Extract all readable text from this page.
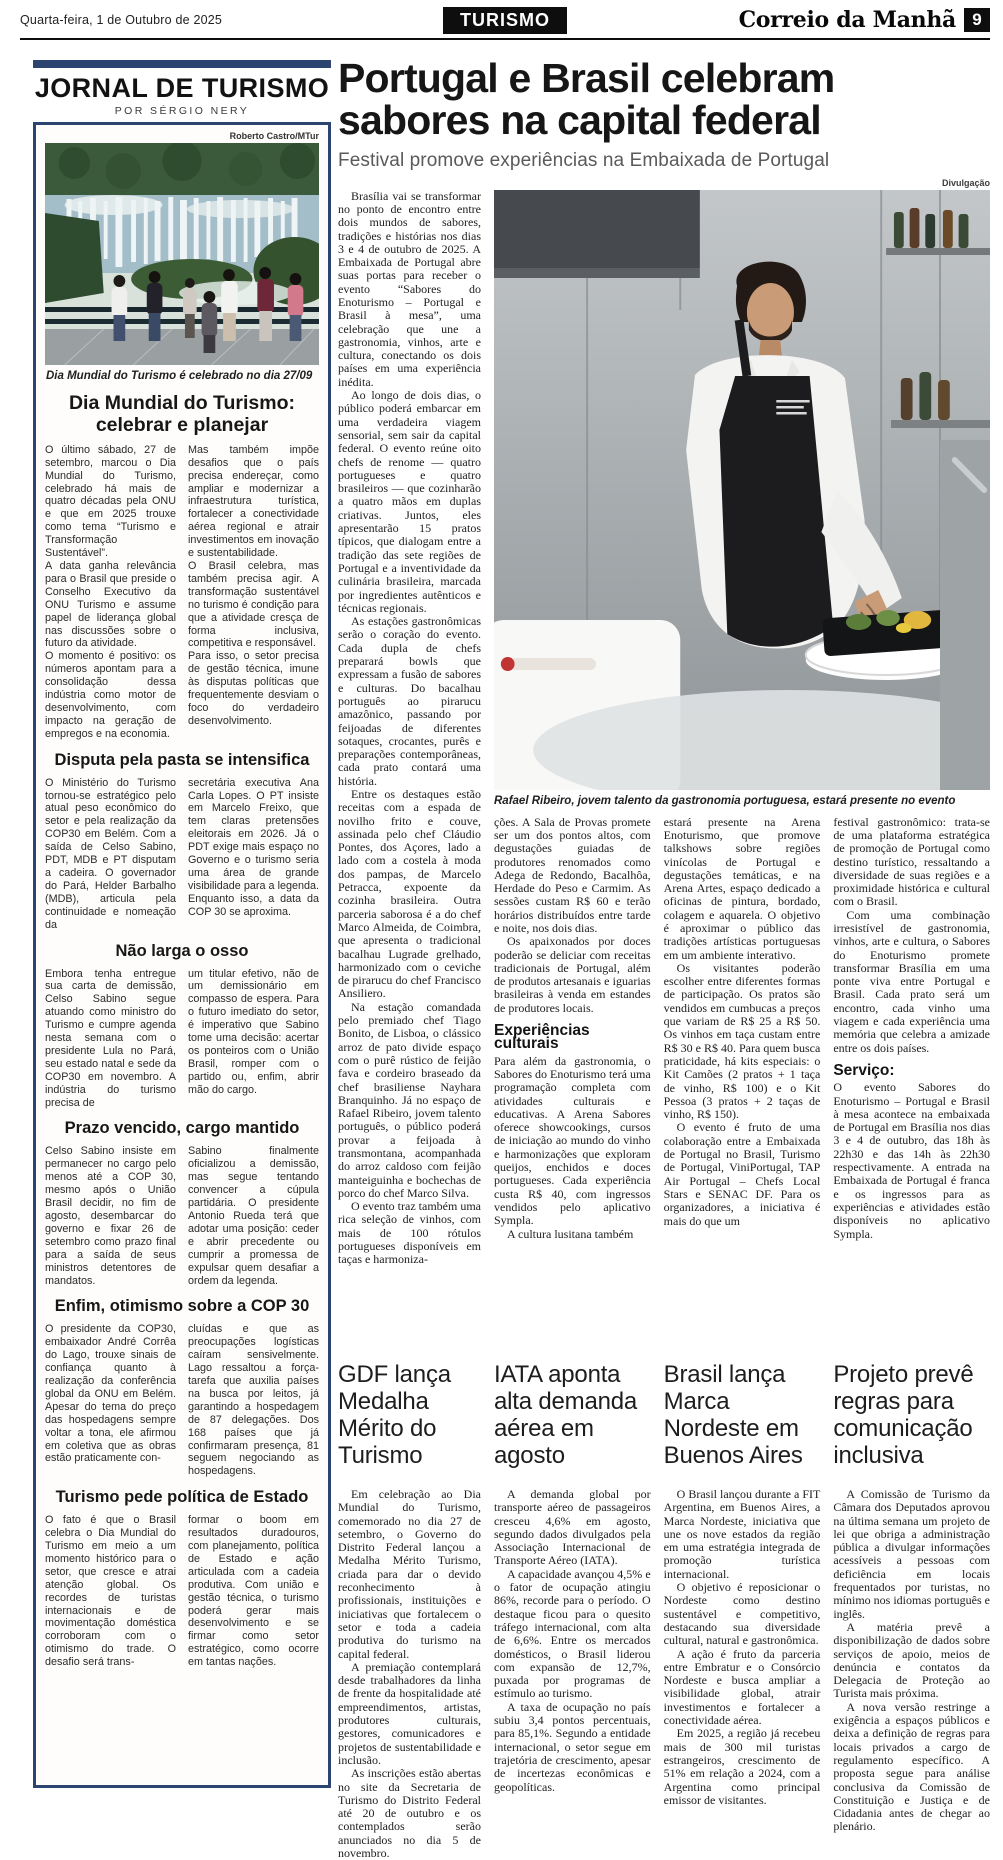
Quarta-feira, 1 de Outubro de 2025	TURISMO	Correio da Manhã 9
JORNAL DE TURISMO
POR SÉRGIO NERY
Roberto Castro/MTur
Dia Mundial do Turismo é celebrado no dia 27/09
Dia Mundial do Turismo: celebrar e planejar

O último sábado, 27 de setembro, marcou o Dia Mundial do Turismo, celebrado há mais de quatro décadas pela ONU e que em 2025 trouxe como tema “Turismo e Transformação Sustentável”.

A data ganha relevância para o Brasil que preside o Conselho Executivo da ONU Turismo e assume papel de liderança global nas discussões sobre o futuro da atividade.

O momento é positivo: os números apontam para a consolidação dessa indústria como motor de desenvolvimento, com impacto na geração de empregos e na economia.

Mas também impõe desafios que o país precisa endereçar, como ampliar e modernizar a infraestrutura turística, fortalecer a conectividade aérea regional e atrair investimentos em inovação e sustentabilidade.

O Brasil celebra, mas também precisa agir. A transformação sustentável no turismo é condição para que a atividade cresça de forma inclusiva, competitiva e responsável.

Para isso, o setor precisa de gestão técnica, imune às disputas políticas que frequentemente desviam o foco do verdadeiro desenvolvimento.

Disputa pela pasta se intensifica

O Ministério do Turismo tornou-se estratégico pelo atual peso econômico do setor e pela realização da COP30 em Belém. Com a saída de Celso Sabino, PDT, MDB e PT disputam a cadeira. O governador do Pará, Helder Barbalho (MDB), articula pela continuidade e nomeação da

secretária executiva Ana Carla Lopes. O PT insiste em Marcelo Freixo, que tem claras pretensões eleitorais em 2026. Já o PDT exige mais espaço no Governo e o turismo seria uma área de grande visibilidade para a legenda. Enquanto isso, a data da COP 30 se aproxima.

Não larga o osso

Embora tenha entregue sua carta de demissão, Celso Sabino segue atuando como ministro do Turismo e cumpre agenda nesta semana com o presidente Lula no Pará, seu estado natal e sede da COP30 em novembro. A indústria do turismo precisa de

um titular efetivo, não de um demissionário em compasso de espera. Para o futuro imediato do setor, é imperativo que Sabino tome uma decisão: acertar os ponteiros com o União Brasil, romper com o partido ou, enfim, abrir mão do cargo.

Prazo vencido, cargo mantido

Celso Sabino insiste em permanecer no cargo pelo menos até a COP 30, mesmo após o União Brasil decidir, no fim de agosto, desembarcar do governo e fixar 26 de setembro como prazo final para a saída de seus ministros detentores de mandatos.

Sabino finalmente oficializou a demissão, mas segue tentando convencer a cúpula partidária. O presidente Antonio Rueda terá que adotar uma posição: ceder e abrir precedente ou cumprir a promessa de expulsar quem desafiar a ordem da legenda.

Enfim, otimismo sobre a COP 30

O presidente da COP30, embaixador André Corrêa do Lago, trouxe sinais de confiança quanto à realização da conferência global da ONU em Belém. Apesar do tema do preço das hospedagens sempre voltar a tona, ele afirmou em coletiva que as obras estão praticamente con-

cluídas e que as preocupações logísticas caíram sensivelmente. Lago ressaltou a força-tarefa que auxilia países na busca por leitos, já garantindo a hospedagem de 87 delegações. Dos 168 países que já confirmaram presença, 81 seguem negociando as hospedagens.

Turismo pede política de Estado

O fato é que o Brasil celebra o Dia Mundial do Turismo em meio a um momento histórico para o setor, que cresce e atrai atenção global. Os recordes de turistas internacionais e de movimentação doméstica corroboram com o otimismo do trade. O desafio será trans-

formar o boom em resultados duradouros, com planejamento, política de Estado e ação articulada com a cadeia produtiva. Com união e gestão técnica, o turismo poderá gerar mais desenvolvimento e se firmar como setor estratégico, como ocorre em tantas nações.

Portugal e Brasil celebram sabores na capital federal
Festival promove experiências na Embaixada de Portugal
Divulgação

Brasília vai se transformar no ponto de encontro entre dois mundos de sabores, tradições e histórias nos dias 3 e 4 de outubro de 2025. A Embaixada de Portugal abre suas portas para receber o evento “Sabores do Enoturismo – Portugal e Brasil à mesa”, uma celebração que une a gastronomia, vinhos, arte e cultura, conectando os dois países em uma experiência inédita.

Ao longo de dois dias, o público poderá embarcar em uma verdadeira viagem sensorial, sem sair da capital federal. O evento reúne oito chefs de renome — quatro portugueses e quatro brasileiros — que cozinharão a quatro mãos em duplas criativas. Juntos, eles apresentarão 15 pratos típicos, que dialogam entre a tradição das sete regiões de Portugal e a inventividade da culinária brasileira, marcada por ingredientes autênticos e técnicas regionais.

As estações gastronômicas serão o coração do evento. Cada dupla de chefs preparará bowls que expressam a fusão de sabores e culturas. Do bacalhau português ao pirarucu amazônico, passando por feijoadas de diferentes sotaques, crocantes, purês e preparações contemporâneas, cada prato contará uma história.

Entre os destaques estão receitas com a espada de novilho frito e couve, assinada pelo chef Cláudio Pontes, dos Açores, lado a lado com a costela à moda dos pampas, de Marcelo Petracca, expoente da cozinha brasileira. Outra parceria saborosa é a do chef Marco Almeida, de Coimbra, que apresenta o tradicional bacalhau Lugrade grelhado, harmonizado com o ceviche de pirarucu do chef Francisco Ansiliero.

Na estação comandada pelo premiado chef Tiago Bonito, de Lisboa, o clássico arroz de pato divide espaço com o purê rústico de feijão fava e cordeiro braseado da chef brasiliense Nayhara Branquinho. Já no espaço de Rafael Ribeiro, jovem talento português, o público poderá provar a feijoada à transmontana, acompanhada do arroz caldoso com feijão manteiguinha e bochechas de porco do chef Marco Silva.

O evento traz também uma rica seleção de vinhos, com mais de 100 rótulos portugueses disponíveis em taças e harmoniza-

Rafael Ribeiro, jovem talento da gastronomia portuguesa, estará presente no evento

ções. A Sala de Provas promete ser um dos pontos altos, com degustações guiadas de produtores renomados como Adega de Redondo, Bacalhôa, Herdade do Peso e Carmim. As sessões custam R$ 60 e terão horários distribuídos entre tarde e noite, nos dois dias.

Os apaixonados por doces poderão se deliciar com receitas tradicionais de Portugal, além de produtos artesanais e iguarias brasileiras à venda em estandes de produtores locais.

Experiências culturais

Para além da gastronomia, o Sabores do Enoturismo terá uma programação completa com atividades culturais e educativas. A Arena Sabores oferece showcookings, cursos de iniciação ao mundo do vinho e harmonizações que exploram queijos, enchidos e doces portugueses. Cada experiência custa R$ 40, com ingressos vendidos pelo aplicativo Sympla.

A cultura lusitana também

estará presente na Arena Enoturismo, que promove talkshows sobre regiões vinícolas de Portugal e degustações temáticas, e na Arena Artes, espaço dedicado a oficinas de pintura, bordado, colagem e aquarela. O objetivo é aproximar o público das tradições artísticas portuguesas em um ambiente interativo.

Os visitantes poderão escolher entre diferentes formas de participação. Os pratos são vendidos em cumbucas a preços que variam de R$ 25 a R$ 50. Os vinhos em taça custam entre R$ 30 e R$ 40. Para quem busca praticidade, há kits especiais: o Kit Camões (2 pratos + 1 taça de vinho, R$ 100) e o Kit Pessoa (3 pratos + 2 taças de vinho, R$ 150).

O evento é fruto de uma colaboração entre a Embaixada de Portugal no Brasil, Turismo de Portugal, ViniPortugal, TAP Air Portugal – Chefs Local Stars e SENAC DF. Para os organizadores, a iniciativa é mais do que um

festival gastronômico: trata-se de uma plataforma estratégica de promoção de Portugal como destino turístico, ressaltando a diversidade de suas regiões e a proximidade histórica e cultural com o Brasil.

Com uma combinação irresistível de gastronomia, vinhos, arte e cultura, o Sabores do Enoturismo promete transformar Brasília em uma ponte viva entre Portugal e Brasil. Cada prato será um encontro, cada vinho uma viagem e cada experiência uma memória que celebra a amizade entre os dois países.

Serviço:

O evento Sabores do Enoturismo – Portugal e Brasil à mesa acontece na embaixada de Portugal em Brasília nos dias 3 e 4 de outubro, das 18h às 22h30 e das 14h às 22h30 respectivamente. A entrada na Embaixada de Portugal é franca e os ingressos para as experiências e atividades estão disponíveis no aplicativo Sympla.

GDF lança Medalha Mérito do Turismo

Em celebração ao Dia Mundial do Turismo, comemorado no dia 27 de setembro, o Governo do Distrito Federal lançou a Medalha Mérito Turismo, criada para dar o devido reconhecimento à profissionais, instituições e iniciativas que fortalecem o setor e toda a cadeia produtiva do turismo na capital federal.

A premiação contemplará desde trabalhadores da linha de frente da hospitalidade até empreendimentos, artistas, produtores culturais, gestores, comunicadores e projetos de sustentabilidade e inclusão.

As inscrições estão abertas no site da Secretaria de Turismo do Distrito Federal até 20 de outubro e os contemplados serão anunciados no dia 5 de novembro.

IATA aponta alta demanda aérea em agosto

A demanda global por transporte aéreo de passageiros cresceu 4,6% em agosto, segundo dados divulgados pela Associação Internacional de Transporte Aéreo (IATA).

A capacidade avançou 4,5% e o fator de ocupação atingiu 86%, recorde para o período. O destaque ficou para o quesito tráfego internacional, com alta de 6,6%. Entre os mercados domésticos, o Brasil liderou com expansão de 12,7%, puxada por programas de estímulo ao turismo.

A taxa de ocupação no país subiu 3,4 pontos percentuais, para 85,1%. Segundo a entidade internacional, o setor segue em trajetória de crescimento, apesar de incertezas econômicas e geopolíticas.

Brasil lança Marca Nordeste em Buenos Aires

O Brasil lançou durante a FIT Argentina, em Buenos Aires, a Marca Nordeste, iniciativa que une os nove estados da região em uma estratégia integrada de promoção turística internacional.

O objetivo é reposicionar o Nordeste como destino sustentável e competitivo, destacando sua diversidade cultural, natural e gastronômica.

A ação é fruto da parceria entre Embratur e o Consórcio Nordeste e busca ampliar a visibilidade global, atrair investimentos e fortalecer a conectividade aérea.

Em 2025, a região já recebeu mais de 300 mil turistas estrangeiros, crescimento de 51% em relação a 2024, com a Argentina como principal emissor de visitantes.

Projeto prevê regras para comunicação inclusiva

A Comissão de Turismo da Câmara dos Deputados aprovou na última semana um projeto de lei que obriga a administração pública a divulgar informações acessíveis a pessoas com deficiência em locais frequentados por turistas, no mínimo nos idiomas português e inglês.

A matéria prevê a disponibilização de dados sobre serviços de apoio, meios de denúncia e contatos da Delegacia de Proteção ao Turista mais próxima.

A nova versão restringe a exigência a espaços públicos e deixa a definição de regras para locais privados a cargo de regulamento específico. A proposta segue para análise conclusiva da Comissão de Constituição e Justiça e de Cidadania antes de chegar ao plenário.
